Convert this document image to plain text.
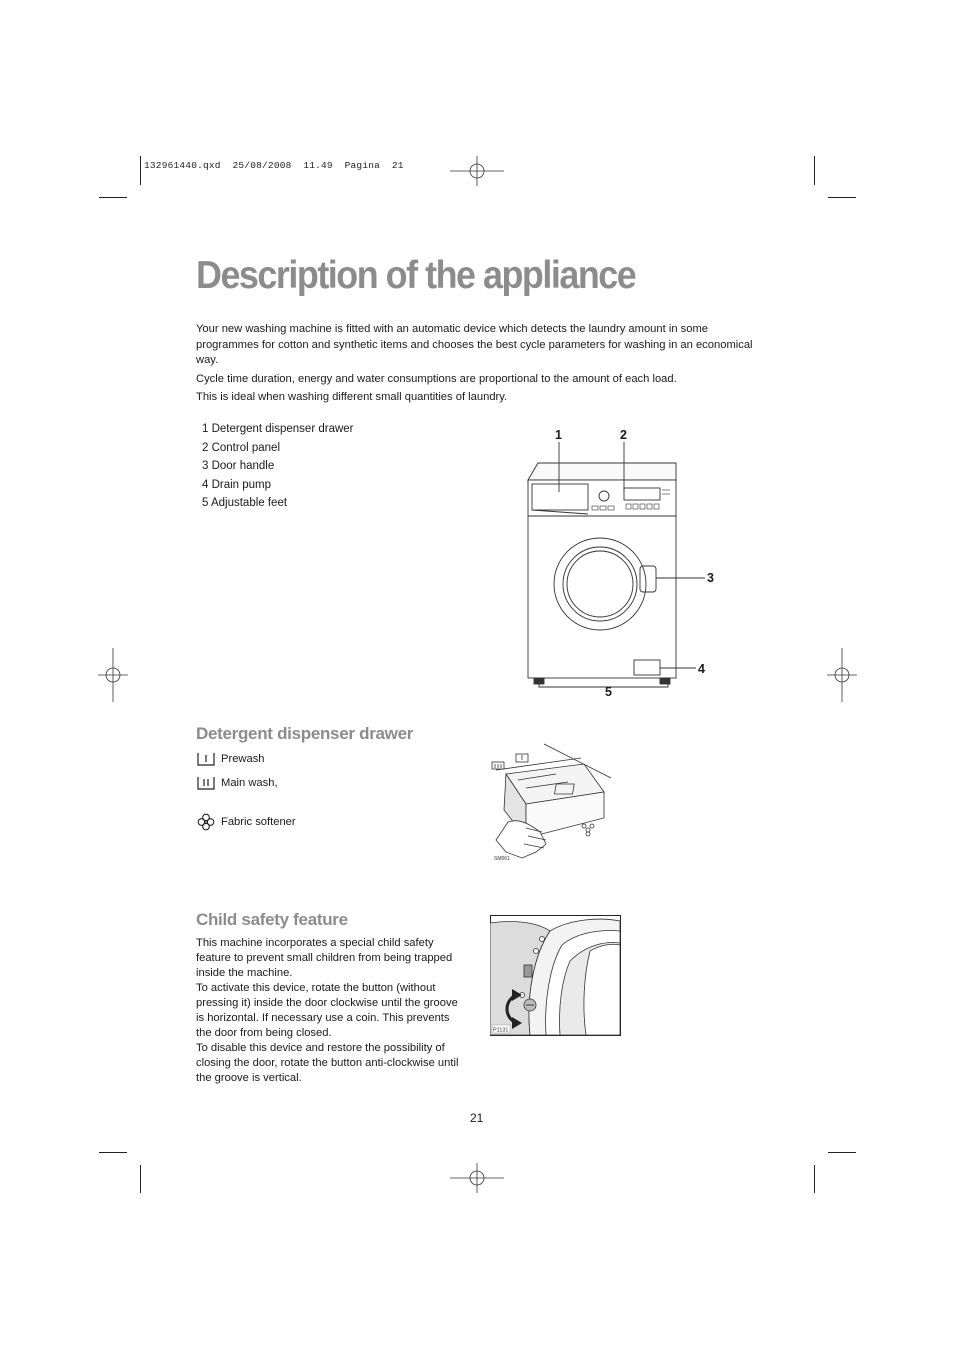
132961440.qxd  25/08/2008  11.49  Pagina  21
Description of the appliance

Your new washing machine is fitted with an automatic device which detects the laundry amount in some programmes for cotton and synthetic items and chooses the best cycle parameters for washing in an economical way.

Cycle time duration, energy and water consumptions are proportional to the amount of each load.

This is ideal when washing different small quantities of laundry.

1 Detergent dispenser drawer
2 Control panel
3 Door handle
4 Drain pump
5 Adjustable feet
1	2
3
4
5
Detergent dispenser drawer
Prewash
Main wash,
Fabric softener
SM061
Child safety feature
This machine incorporates a special child safety feature to prevent small children from being trapped inside the machine.
To activate this device, rotate the button (without pressing it) inside the door clockwise until the groove is horizontal. If necessary use a coin. This prevents the door from being closed.
To disable this device and restore the possibility of closing the door, rotate the button anti-clockwise until the groove is vertical.
P1131
21
